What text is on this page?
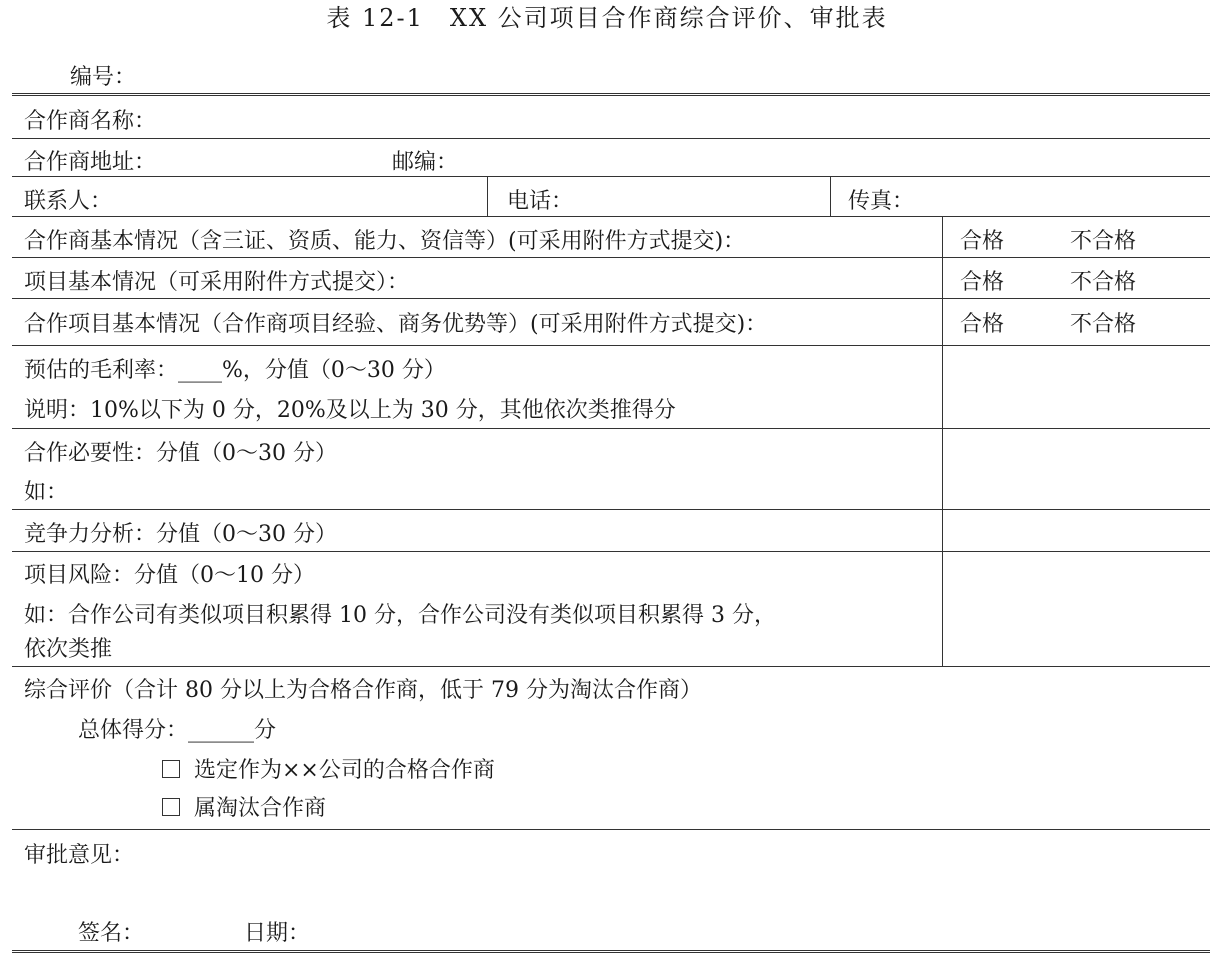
表 12-1　XX 公司项目合作商综合评价、审批表
编号：
合作商名称：
合作商地址：	邮编：
联系人：	电话：	传真：
合作商基本情况（含三证、资质、能力、资信等）(可采用附件方式提交)：	合格	不合格
项目基本情况（可采用附件方式提交）：	合格	不合格
合作项目基本情况（合作商项目经验、商务优势等）(可采用附件方式提交)：	合格	不合格
预估的毛利率：____%，分值（0～30 分）
说明：10%以下为 0 分，20%及以上为 30 分，其他依次类推得分
合作必要性：分值（0～30 分）
如：
竞争力分析：分值（0～30 分）
项目风险：分值（0～10 分）
如：合作公司有类似项目积累得 10 分，合作公司没有类似项目积累得 3 分，
依次类推
综合评价（合计 80 分以上为合格合作商，低于 79 分为淘汰合作商）
总体得分：______分
选定作为××公司的合格合作商
属淘汰合作商
审批意见：
签名：	日期：
